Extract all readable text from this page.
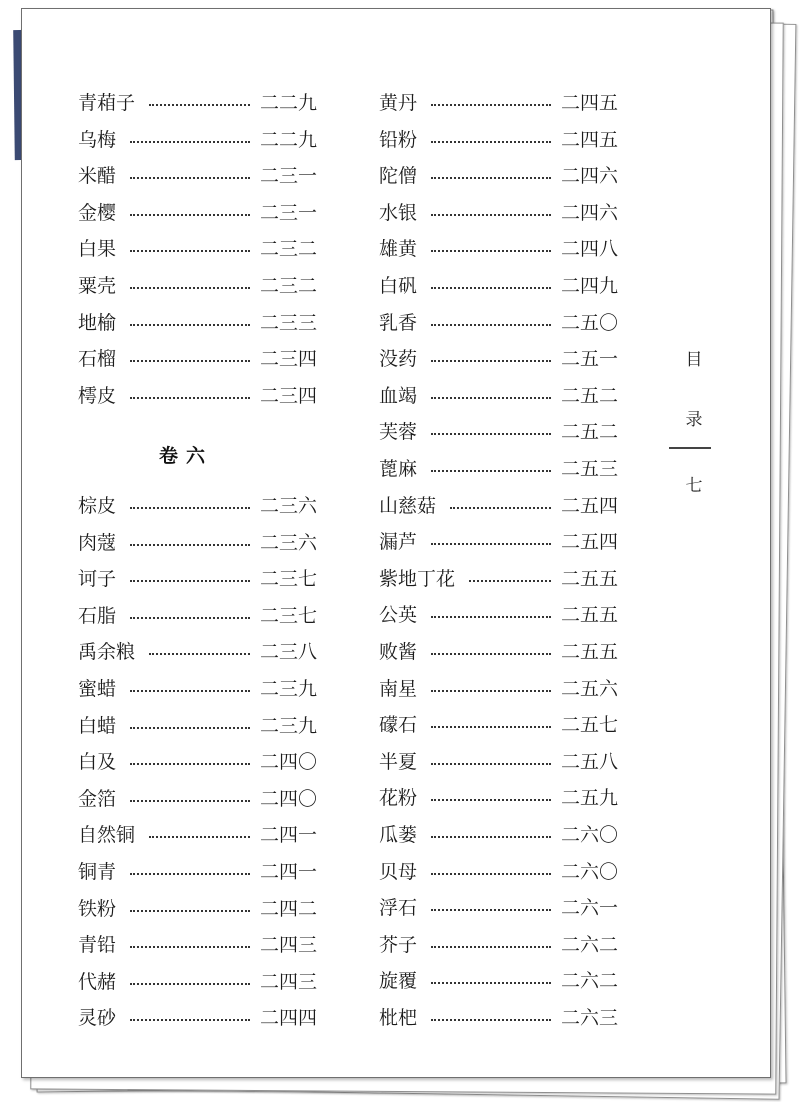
青葙子	二二九
乌梅	二二九
米醋	二三一
金樱	二三一
白果	二三二
粟壳	二三二
地榆	二三三
石榴	二三四
樗皮	二三四
卷六
棕皮	二三六
肉蔻	二三六
诃子	二三七
石脂	二三七
禹余粮	二三八
蜜蜡	二三九
白蜡	二三九
白及	二四〇
金箔	二四〇
自然铜	二四一
铜青	二四一
铁粉	二四二
青铅	二四三
代赭	二四三
灵砂	二四四
黄丹	二四五
铅粉	二四五
陀僧	二四六
水银	二四六
雄黄	二四八
白矾	二四九
乳香	二五〇
没药	二五一
血竭	二五二
芙蓉	二五二
蓖麻	二五三
山慈菇	二五四
漏芦	二五四
紫地丁花	二五五
公英	二五五
败酱	二五五
南星	二五六
礞石	二五七
半夏	二五八
花粉	二五九
瓜蒌	二六〇
贝母	二六〇
浮石	二六一
芥子	二六二
旋覆	二六二
枇杷	二六三
目
录
七
